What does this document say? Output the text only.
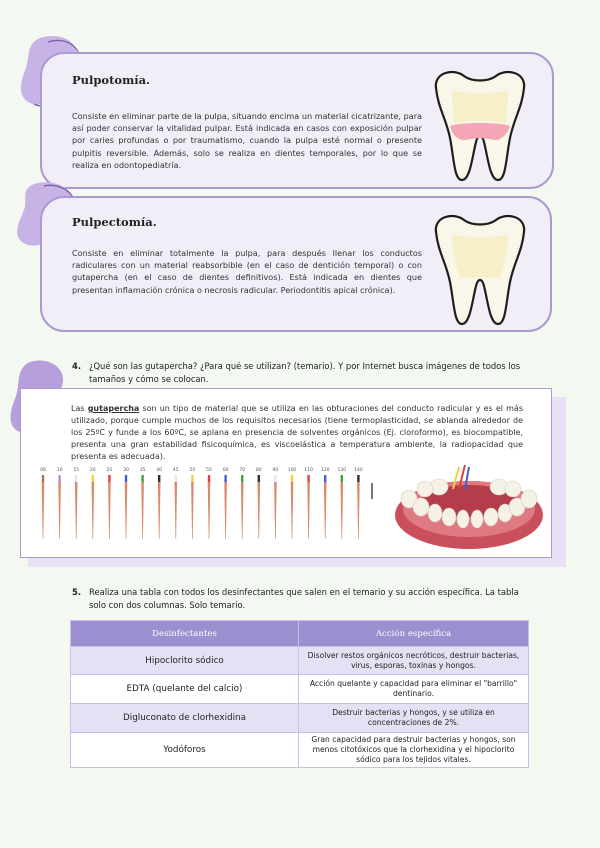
Pulpotomía.

Consiste en eliminar parte de la pulpa, situando encima un material cicatrizante, para así poder conservar la vitalidad pulpar. Está indicada en casos con exposición pulpar por caries profundas o por traumatismo, cuando la pulpa esté normal o presente pulpitis reversible. Además, solo se realiza en dientes temporales, por lo que se realiza en odontopediatría.

Pulpectomía.

Consiste en eliminar totalmente la pulpa, para después llenar los conductos radiculares con un material reabsorbible (en el caso de dentición temporal) o con gutapercha (en el caso de dientes definitivos). Está indicada en dientes que presentan inflamación crónica o necrosis radicular. Periodontitis apical crónica).

4. ¿Qué son las gutapercha? ¿Para qué se utilizan? (temario). Y por Internet busca imágenes de todos los tamaños y cómo se colocan.
Las gutapercha son un tipo de material que se utiliza en las obturaciones del conducto radicular y es el más utilizado, porque cumple muchos de los requisitos necesarios (tiene termoplasticidad, se ablanda alrededor de los 25ºC y funde a los 60ºC, se aplana en presencia de solventes orgánicos (Ej. cloroformo), es biocompatible, presenta una gran estabilidad fisicoquímica, es viscoelástica a temperatura ambiente, la radiopacidad que presenta es adecuada).
08 10 15 20 25 30 35 40 45 50 55 60 70 80 90 100 110 120 130 140
5. Realiza una tabla con todos los desinfectantes que salen en el temario y su acción específica. La tabla solo con dos columnas. Solo temario.
Desinfectantes	Acción específica
Hipoclorito sódico	Disolver restos orgánicos necróticos, destruir bacterias, virus, esporas, toxinas y hongos.
EDTA (quelante del calcio)	Acción quelante y capacidad para eliminar el "barrillo" dentinario.
Digluconato de clorhexidina	Destruir bacterias y hongos, y se utiliza en concentraciones de 2%.
Yodóforos	Gran capacidad para destruir bacterias y hongos, son menos citotóxicos que la clorhexidina y el hipoclorito sódico para los tejidos vitales.
